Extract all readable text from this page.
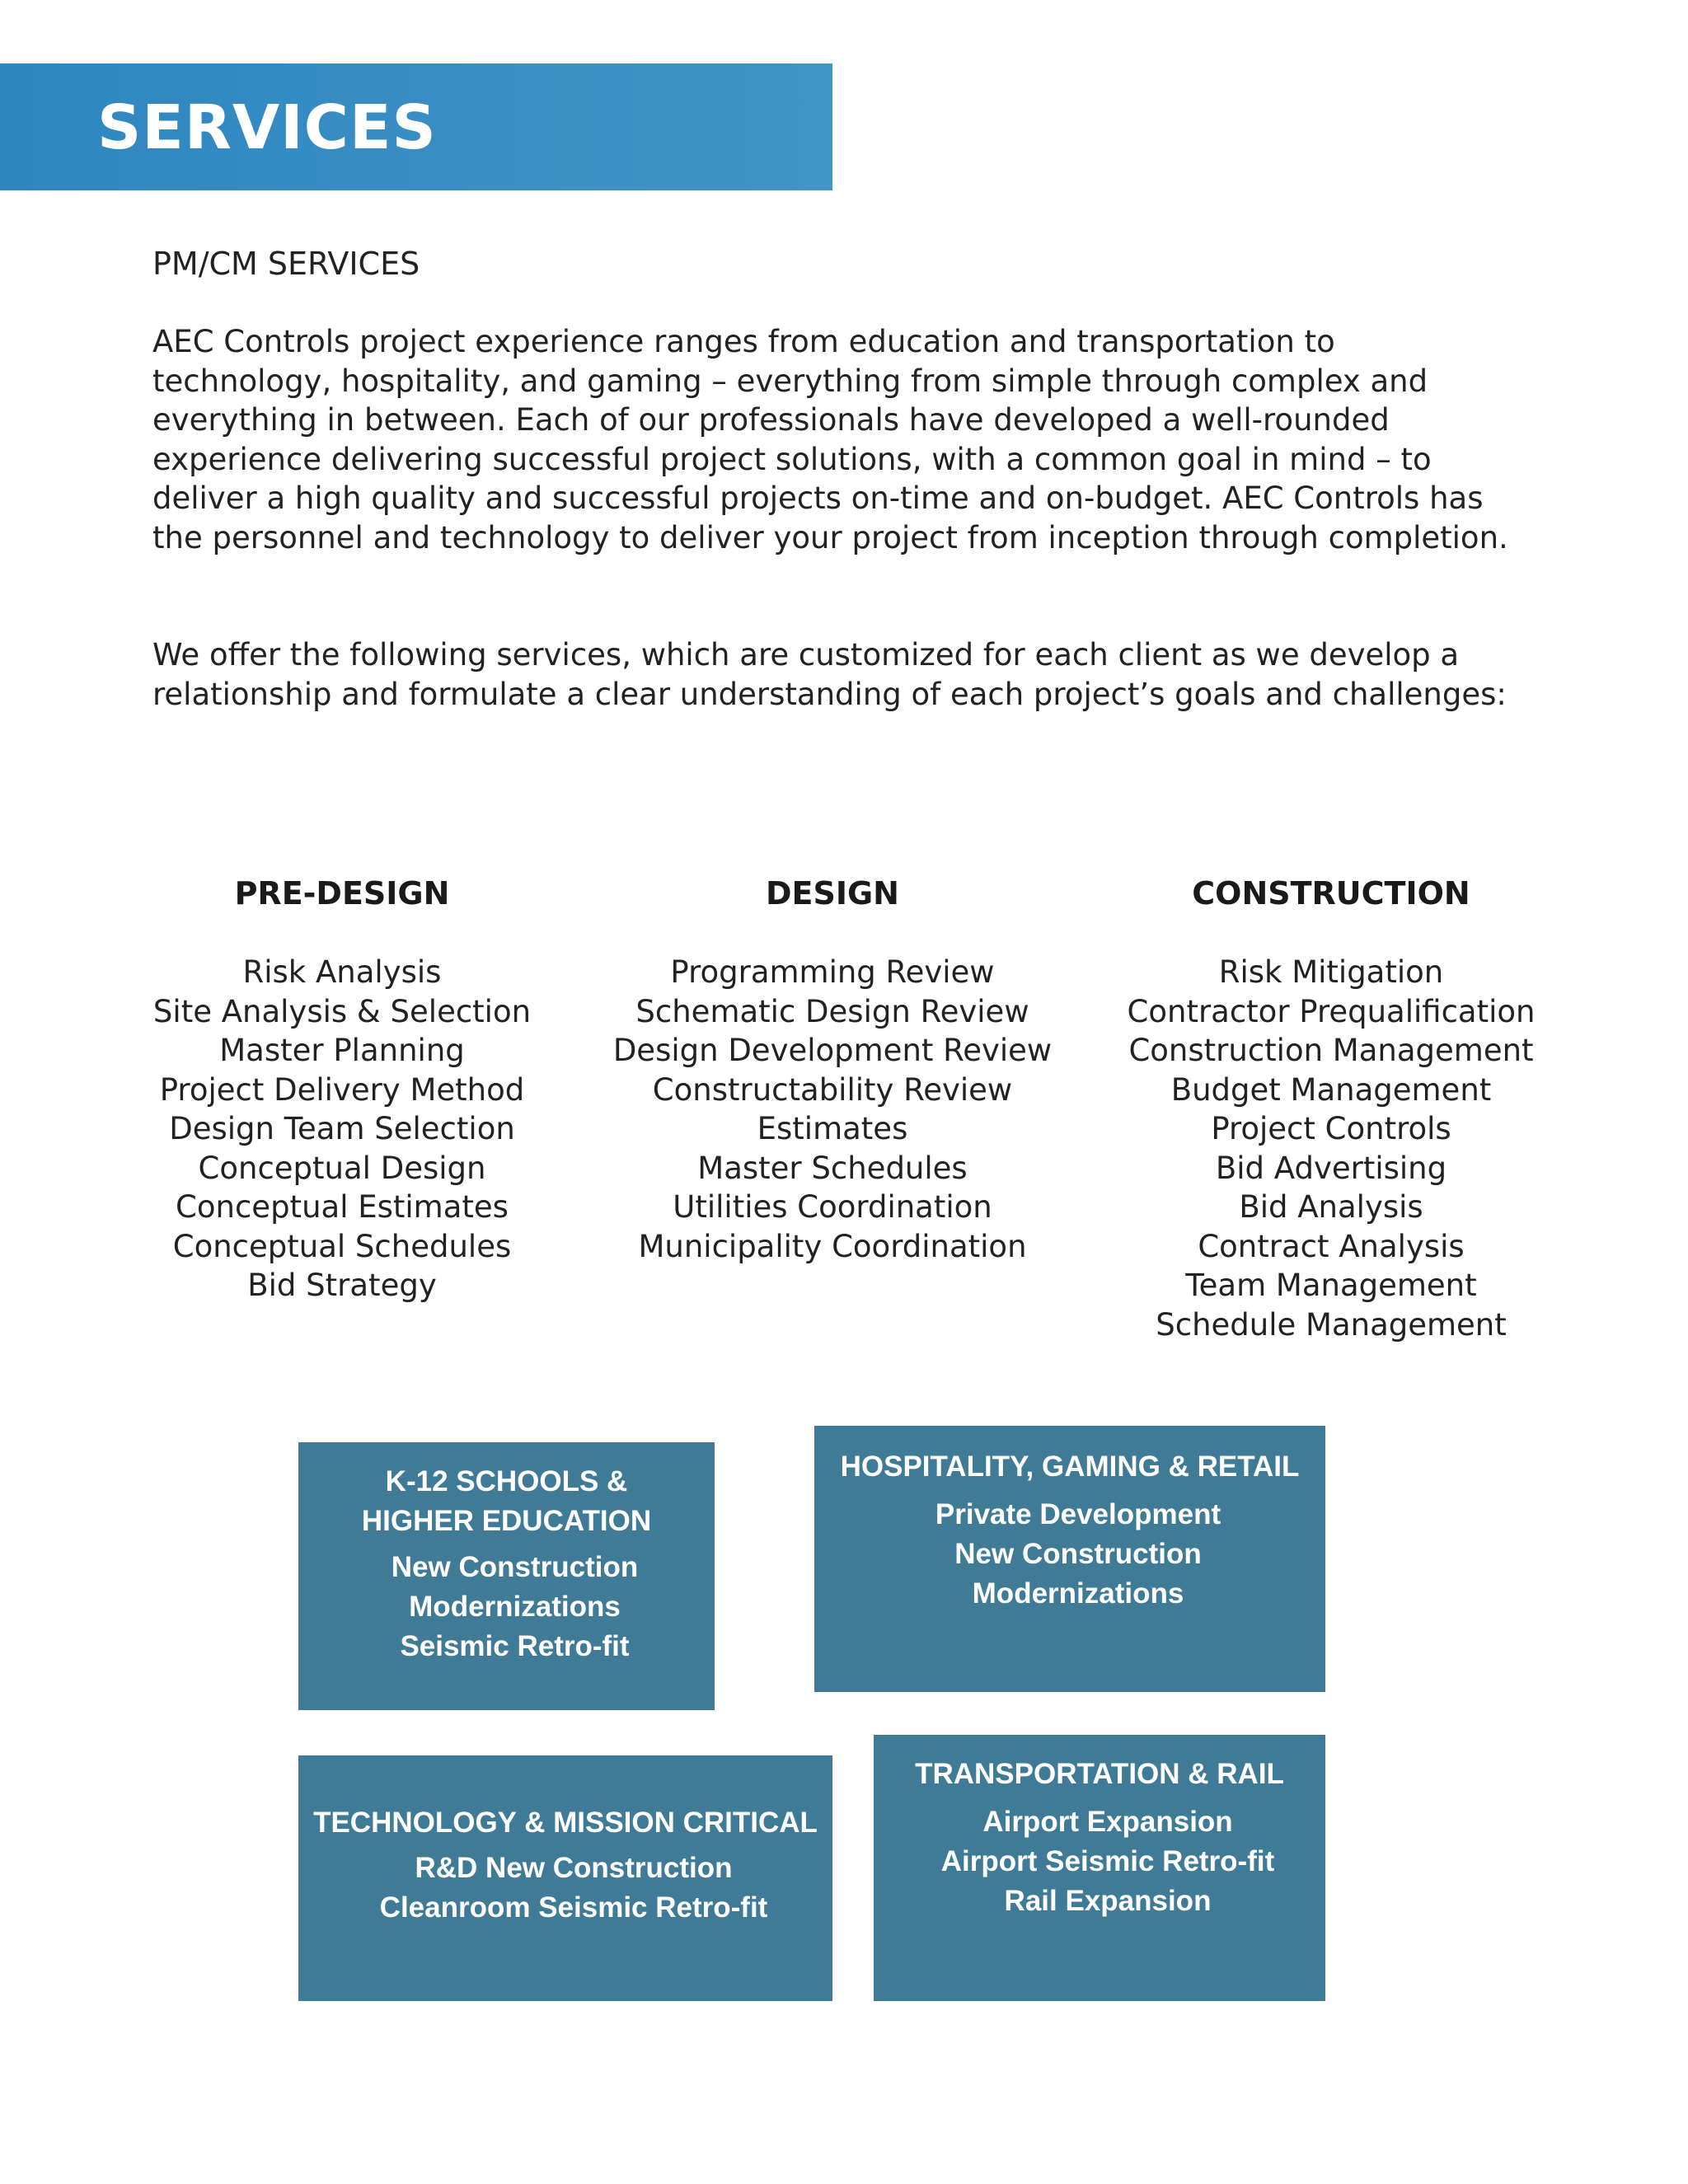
SERVICES

PM/CM SERVICES

AEC Controls project experience ranges from education and transportation to technology, hospitality, and gaming – everything from simple through complex and everything in between. Each of our professionals have developed a well-rounded experience delivering successful project solutions, with a common goal in mind – to deliver a high quality and successful projects on-time and on-budget. AEC Controls has the personnel and technology to deliver your project from inception through completion.

We offer the following services, which are customized for each client as we develop a relationship and formulate a clear understanding of each project’s goals and challenges:

PRE-DESIGN
Risk Analysis
Site Analysis & Selection
Master Planning
Project Delivery Method
Design Team Selection
Conceptual Design
Conceptual Estimates
Conceptual Schedules
Bid Strategy
DESIGN
Programming Review
Schematic Design Review
Design Development Review
Constructability Review
Estimates
Master Schedules
Utilities Coordination
Municipality Coordination
CONSTRUCTION
Risk Mitigation
Contractor Prequalification
Construction Management
Budget Management
Project Controls
Bid Advertising
Bid Analysis
Contract Analysis
Team Management
Schedule Management
K-12 SCHOOLS & HIGHER EDUCATION
New Construction
Modernizations
Seismic Retro-fit
HOSPITALITY, GAMING & RETAIL
Private Development
New Construction
Modernizations
TECHNOLOGY & MISSION CRITICAL
R&D New Construction
Cleanroom Seismic Retro-fit
TRANSPORTATION & RAIL
Airport Expansion
Airport Seismic Retro-fit
Rail Expansion
